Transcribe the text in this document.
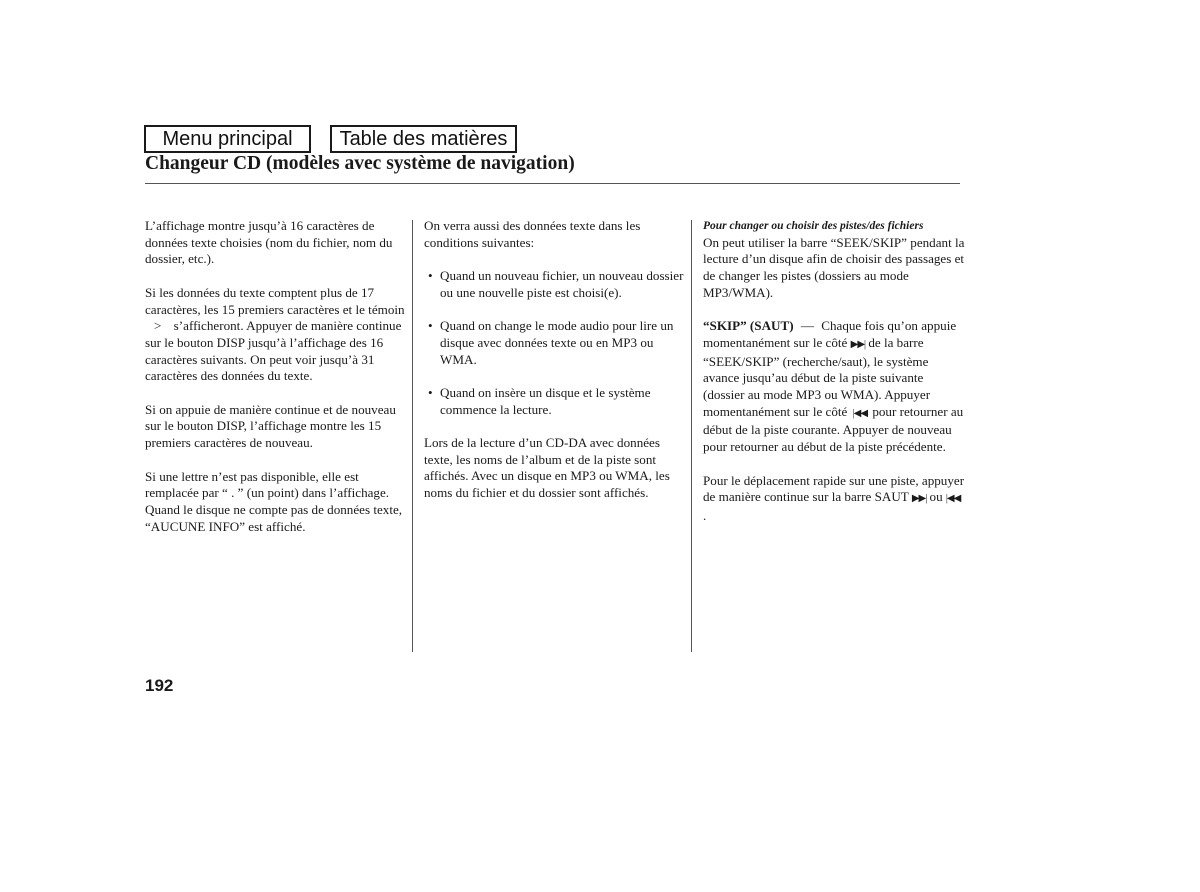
Menu principal	Table des matières
Changeur CD (modèles avec système de navigation)

L’affichage montre jusqu’à 16 caractères de données texte choisies (nom du fichier, nom du dossier, etc.).

Si les données du texte comptent plus de 17 caractères, les 15 premiers caractères et le témoin > s’afficheront. Appuyer de manière continue sur le bouton DISP jusqu’à l’affichage des 16 caractères suivants. On peut voir jusqu’à 31 caractères des données du texte.

Si on appuie de manière continue et de nouveau sur le bouton DISP, l’affichage montre les 15 premiers caractères de nouveau.

Si une lettre n’est pas disponible, elle est remplacée par “ . ” (un point) dans l’affichage. Quand le disque ne compte pas de données texte, “AUCUNE INFO” est affiché.

On verra aussi des données texte dans les conditions suivantes:

• Quand un nouveau fichier, un nouveau dossier ou une nouvelle piste est choisi(e).
• Quand on change le mode audio pour lire un disque avec données texte ou en MP3 ou WMA.
• Quand on insère un disque et le système commence la lecture.

Lors de la lecture d’un CD-DA avec données texte, les noms de l’album et de la piste sont affichés. Avec un disque en MP3 ou WMA, les noms du fichier et du dossier sont affichés.

Pour changer ou choisir des pistes/des fichiers

On peut utiliser la barre “SEEK/SKIP” pendant la lecture d’un disque afin de choisir des passages et de changer les pistes (dossiers au mode MP3/WMA).

“SKIP” (SAUT) — Chaque fois qu’on appuie momentanément sur le côté ▶▶| de la barre “SEEK/SKIP” (recherche/saut), le système avance jusqu’au début de la piste suivante (dossier au mode MP3 ou WMA). Appuyer momentanément sur le côté |◀◀ pour retourner au début de la piste courante. Appuyer de nouveau pour retourner au début de la piste précédente.

Pour le déplacement rapide sur une piste, appuyer de manière continue sur la barre SAUT ▶▶| ou |◀◀ .

192
